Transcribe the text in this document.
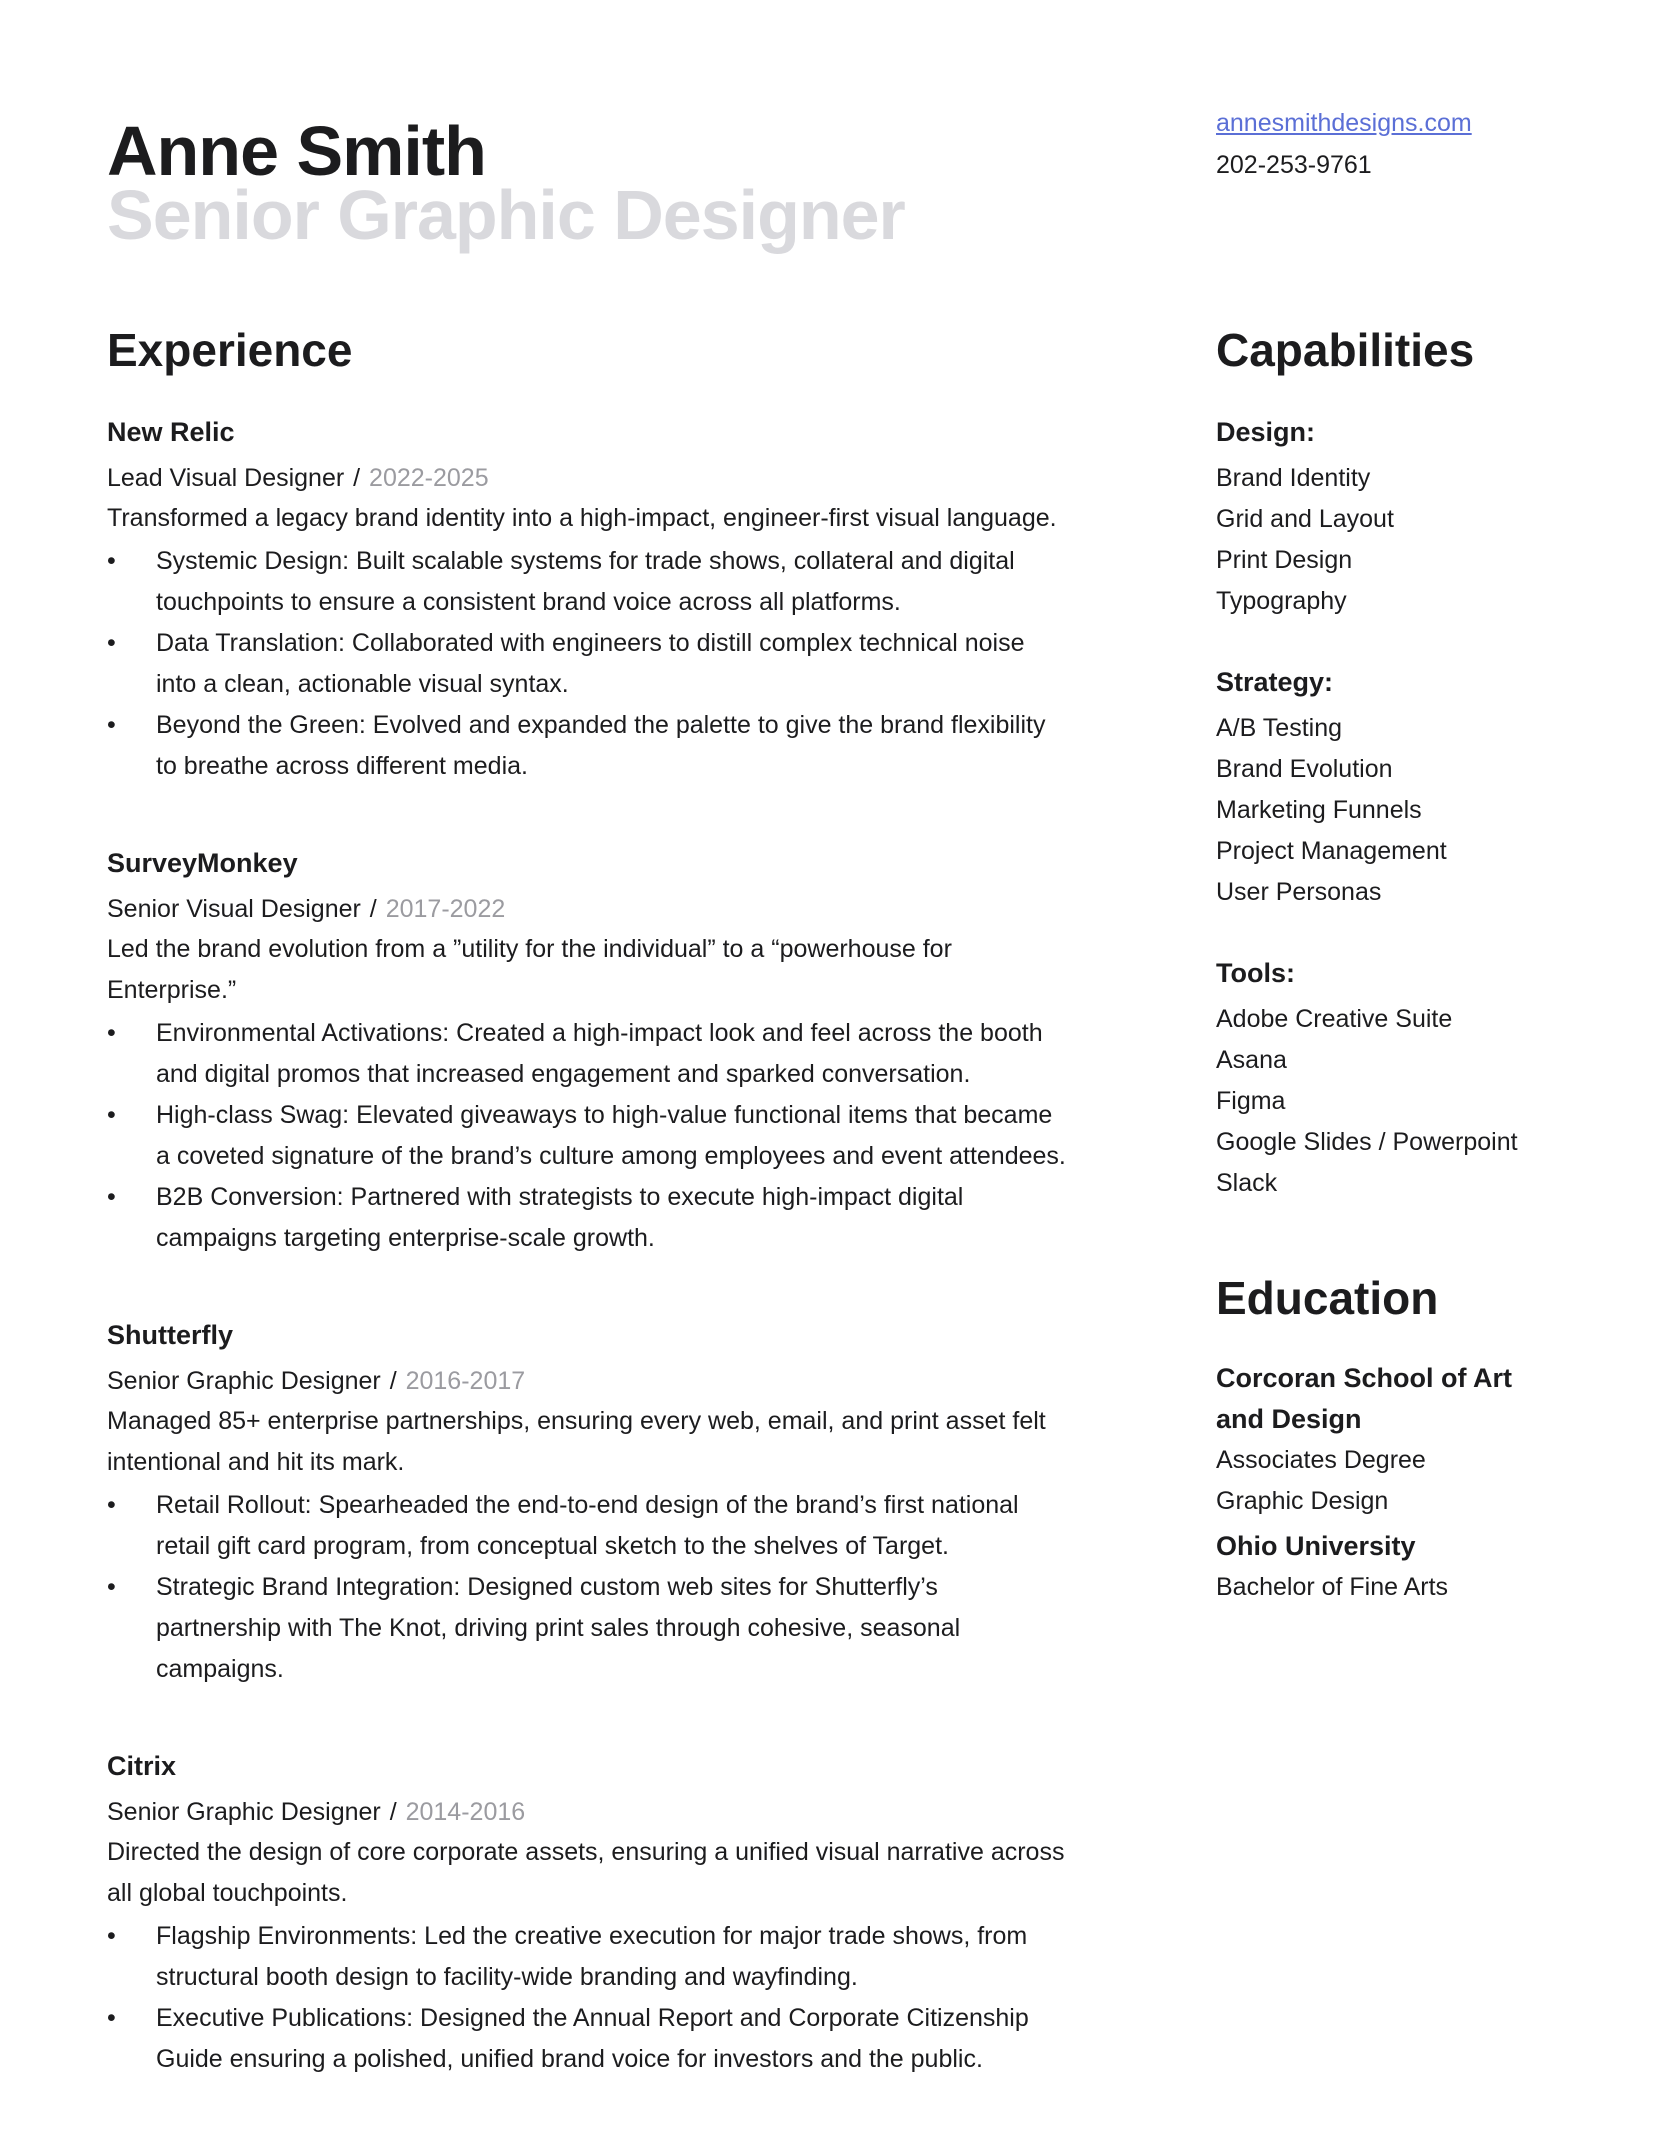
Anne Smith
Senior Graphic Designer
annesmithdesigns.com
202-253-9761
Experience
New Relic
Lead Visual Designer / 2022-2025
Transformed a legacy brand identity into a high-impact, engineer-first visual language.
• Systemic Design: Built scalable systems for trade shows, collateral and digital touchpoints to ensure a consistent brand voice across all platforms.
• Data Translation: Collaborated with engineers to distill complex technical noise into a clean, actionable visual syntax.
• Beyond the Green: Evolved and expanded the palette to give the brand flexibility to breathe across different media.
SurveyMonkey
Senior Visual Designer / 2017-2022
Led the brand evolution from a ”utility for the individual” to a “powerhouse for Enterprise.”
• Environmental Activations: Created a high-impact look and feel across the booth and digital promos that increased engagement and sparked conversation.
• High-class Swag: Elevated giveaways to high-value functional items that became a coveted signature of the brand’s culture among employees and event attendees.
• B2B Conversion: Partnered with strategists to execute high-impact digital campaigns targeting enterprise-scale growth.
Shutterfly
Senior Graphic Designer / 2016-2017
Managed 85+ enterprise partnerships, ensuring every web, email, and print asset felt intentional and hit its mark.
• Retail Rollout: Spearheaded the end-to-end design of the brand’s first national retail gift card program, from conceptual sketch to the shelves of Target.
• Strategic Brand Integration: Designed custom web sites for Shutterfly’s partnership with The Knot, driving print sales through cohesive, seasonal campaigns.
Citrix
Senior Graphic Designer / 2014-2016
Directed the design of core corporate assets, ensuring a unified visual narrative across all global touchpoints.
• Flagship Environments: Led the creative execution for major trade shows, from structural booth design to facility-wide branding and wayfinding.
• Executive Publications: Designed the Annual Report and Corporate Citizenship Guide ensuring a polished, unified brand voice for investors and the public.
Capabilities
Design:
Brand Identity
Grid and Layout
Print Design
Typography
Strategy:
A/B Testing
Brand Evolution
Marketing Funnels
Project Management
User Personas
Tools:
Adobe Creative Suite
Asana
Figma
Google Slides / Powerpoint
Slack
Education
Corcoran School of Art and Design
Associates Degree
Graphic Design
Ohio University
Bachelor of Fine Arts
